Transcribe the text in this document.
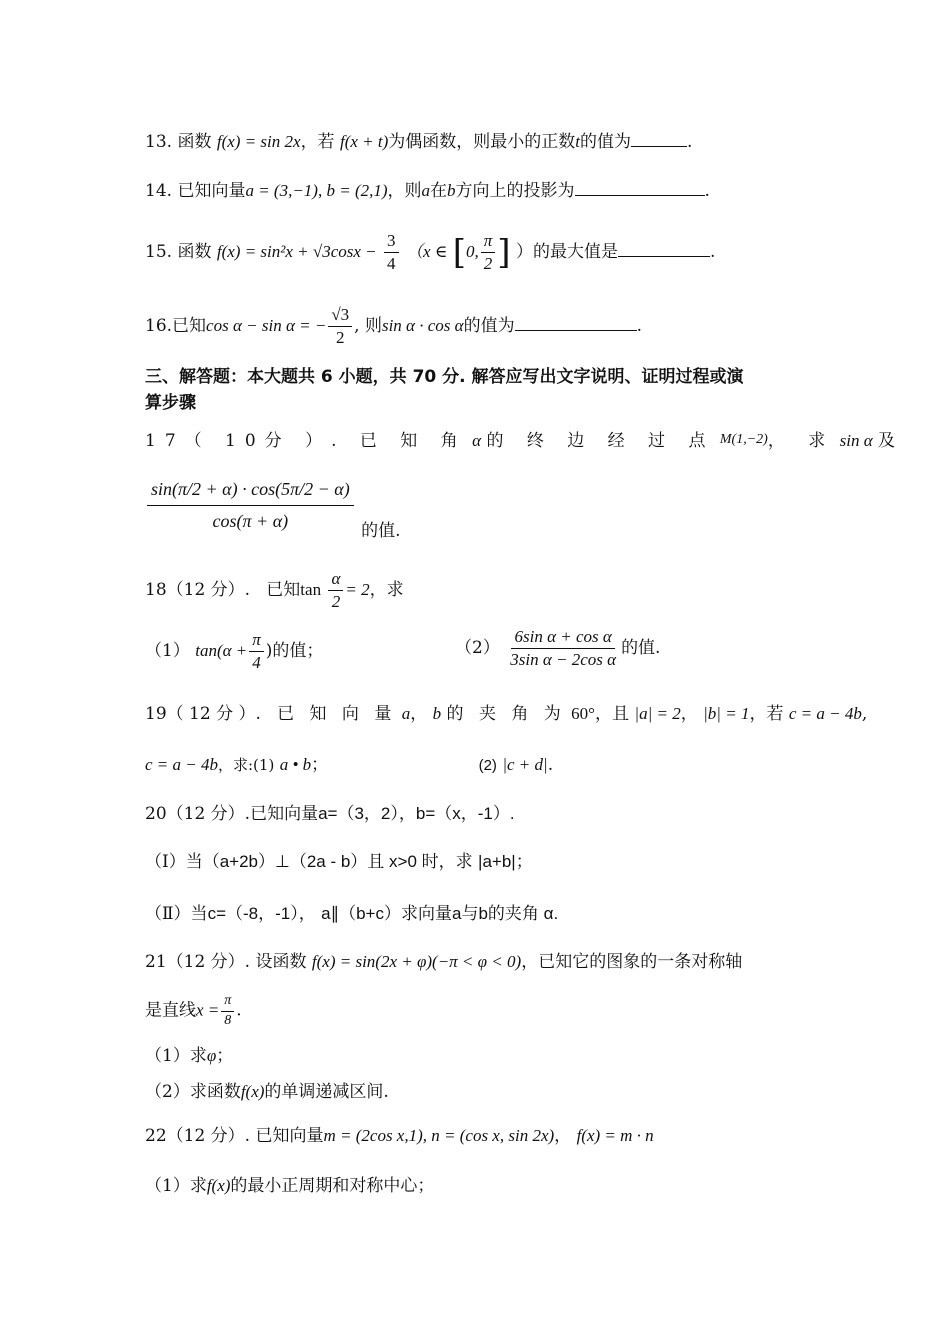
13. 函数 f(x) = sin 2x，若 f(x + t)为偶函数，则最小的正数t的值为	.
14. 已知向量a = (3,−1), b = (2,1)，则a在b方向上的投影为	.
15. 函数 $f(x) = \sin^2x + √3\cos x - \frac{3}{4} (x$ ∈ [0, $\frac{\pi}{2}$ ] ）的最大值是	.
16.已知cos α − sin α = − $\frac{√3}{2}$ , 则sin α · cos α的值为	.
三、解答题：本大题共 6 小题，共 70 分. 解答应写出文字说明、证明过程或演
算步骤
17（ 10分 ）. 已 知 角 α 的 终 边 经 过 点 M(1,−2)， 求 sin α 及
$\frac{\sin(\pi/2 + \alpha) \cdot \cos(5\pi/2 - \alpha)}{\cos(\pi + \alpha)}$
的值.
18（12 分）. 已知$\tan \frac{\alpha}{2} = 2$，求
（1） $\tan(\alpha + \frac{\pi}{4}$ )的值；	$(2) \frac{\text{6sin α + cos α}}{\text{3sin α − 2cos α}}$ 的值.
19（ 12 分 ）. 已 知 向 量 a， b 的 夹 角 为 60°，且 |a| = 2， |b| = 1，若 c = a − 4b,
c = a − 4b，求:(1) a • b；	(2) |c + d|.
20（12 分）.已知向量a=（3，2），b=（x，-1）.
（Ⅰ）当（a+2b）⊥（2a - b）且 x>0 时，求 |a+b|；
（Ⅱ）当c=（-8，-1）， a∥（b+c）求向量a与b的夹角 α.
21（12 分）. 设函数 f(x) = sin(2x + φ)(−π < φ < 0)，已知它的图象的一条对称轴
是直线$x = \frac{\pi}{8}$ .
（1）求φ；
（2）求函数f(x)的单调递减区间.
22（12 分）. 已知向量m = (2cos x,1), n = (cos x, sin 2x)， f(x) = m · n
（1）求f(x)的最小正周期和对称中心；
